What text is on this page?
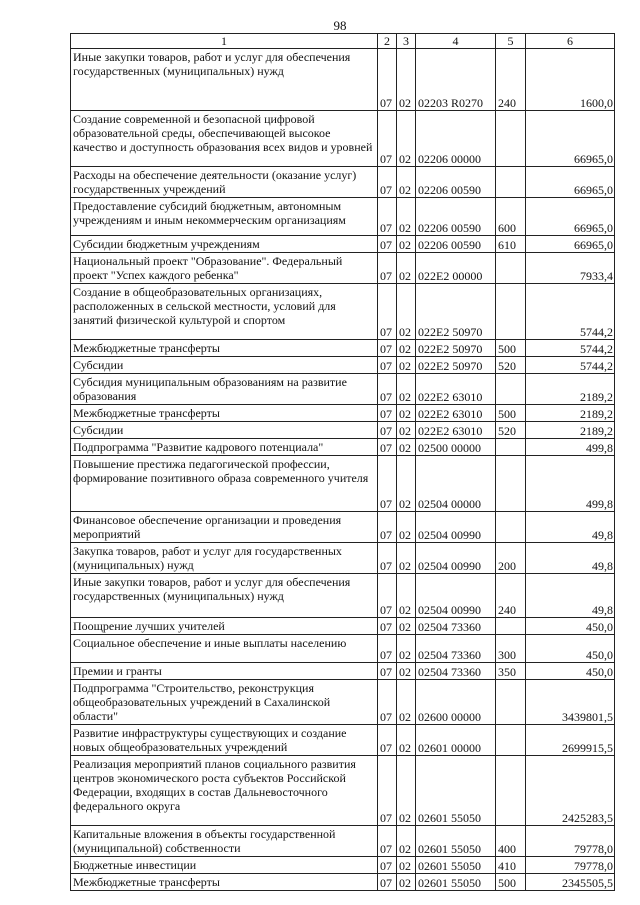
98
1	2	3	4	5	6
Иные закупки товаров, работ и услуг для обеспечения государственных (муниципальных) нужд	07	02	02203 R0270	240	1600,0
Создание современной и безопасной цифровой образовательной среды, обеспечивающей высокое качество и доступность образования всех видов и уровней	07	02	02206 00000		66965,0
Расходы на обеспечение деятельности (оказание услуг) государственных учреждений	07	02	02206 00590		66965,0
Предоставление субсидий бюджетным, автономным учреждениям и иным некоммерческим организациям	07	02	02206 00590	600	66965,0
Субсидии бюджетным учреждениям	07	02	02206 00590	610	66965,0
Национальный проект "Образование". Федеральный проект "Успех каждого ребенка"	07	02	022E2 00000		7933,4
Создание в общеобразовательных организациях, расположенных в сельской местности, условий для занятий физической культурой и спортом	07	02	022E2 50970		5744,2
Межбюджетные трансферты	07	02	022E2 50970	500	5744,2
Субсидии	07	02	022E2 50970	520	5744,2
Субсидия муниципальным образованиям на развитие образования	07	02	022E2 63010		2189,2
Межбюджетные трансферты	07	02	022E2 63010	500	2189,2
Субсидии	07	02	022E2 63010	520	2189,2
Подпрограмма "Развитие кадрового потенциала"	07	02	02500 00000		499,8
Повышение престижа педагогической профессии, формирование позитивного образа современного учителя	07	02	02504 00000		499,8
Финансовое обеспечение организации и проведения мероприятий	07	02	02504 00990		49,8
Закупка товаров, работ и услуг для государственных (муниципальных) нужд	07	02	02504 00990	200	49,8
Иные закупки товаров, работ и услуг для обеспечения государственных (муниципальных) нужд	07	02	02504 00990	240	49,8
Поощрение лучших учителей	07	02	02504 73360		450,0
Социальное обеспечение и иные выплаты населению	07	02	02504 73360	300	450,0
Премии и гранты	07	02	02504 73360	350	450,0
Подпрограмма "Строительство, реконструкция общеобразовательных учреждений в Сахалинской области"	07	02	02600 00000		3439801,5
Развитие инфраструктуры существующих и создание новых общеобразовательных учреждений	07	02	02601 00000		2699915,5
Реализация мероприятий планов социального развития центров экономического роста субъектов Российской Федерации, входящих в состав Дальневосточного федерального округа	07	02	02601 55050		2425283,5
Капитальные вложения в объекты государственной (муниципальной) собственности	07	02	02601 55050	400	79778,0
Бюджетные инвестиции	07	02	02601 55050	410	79778,0
Межбюджетные трансферты	07	02	02601 55050	500	2345505,5
